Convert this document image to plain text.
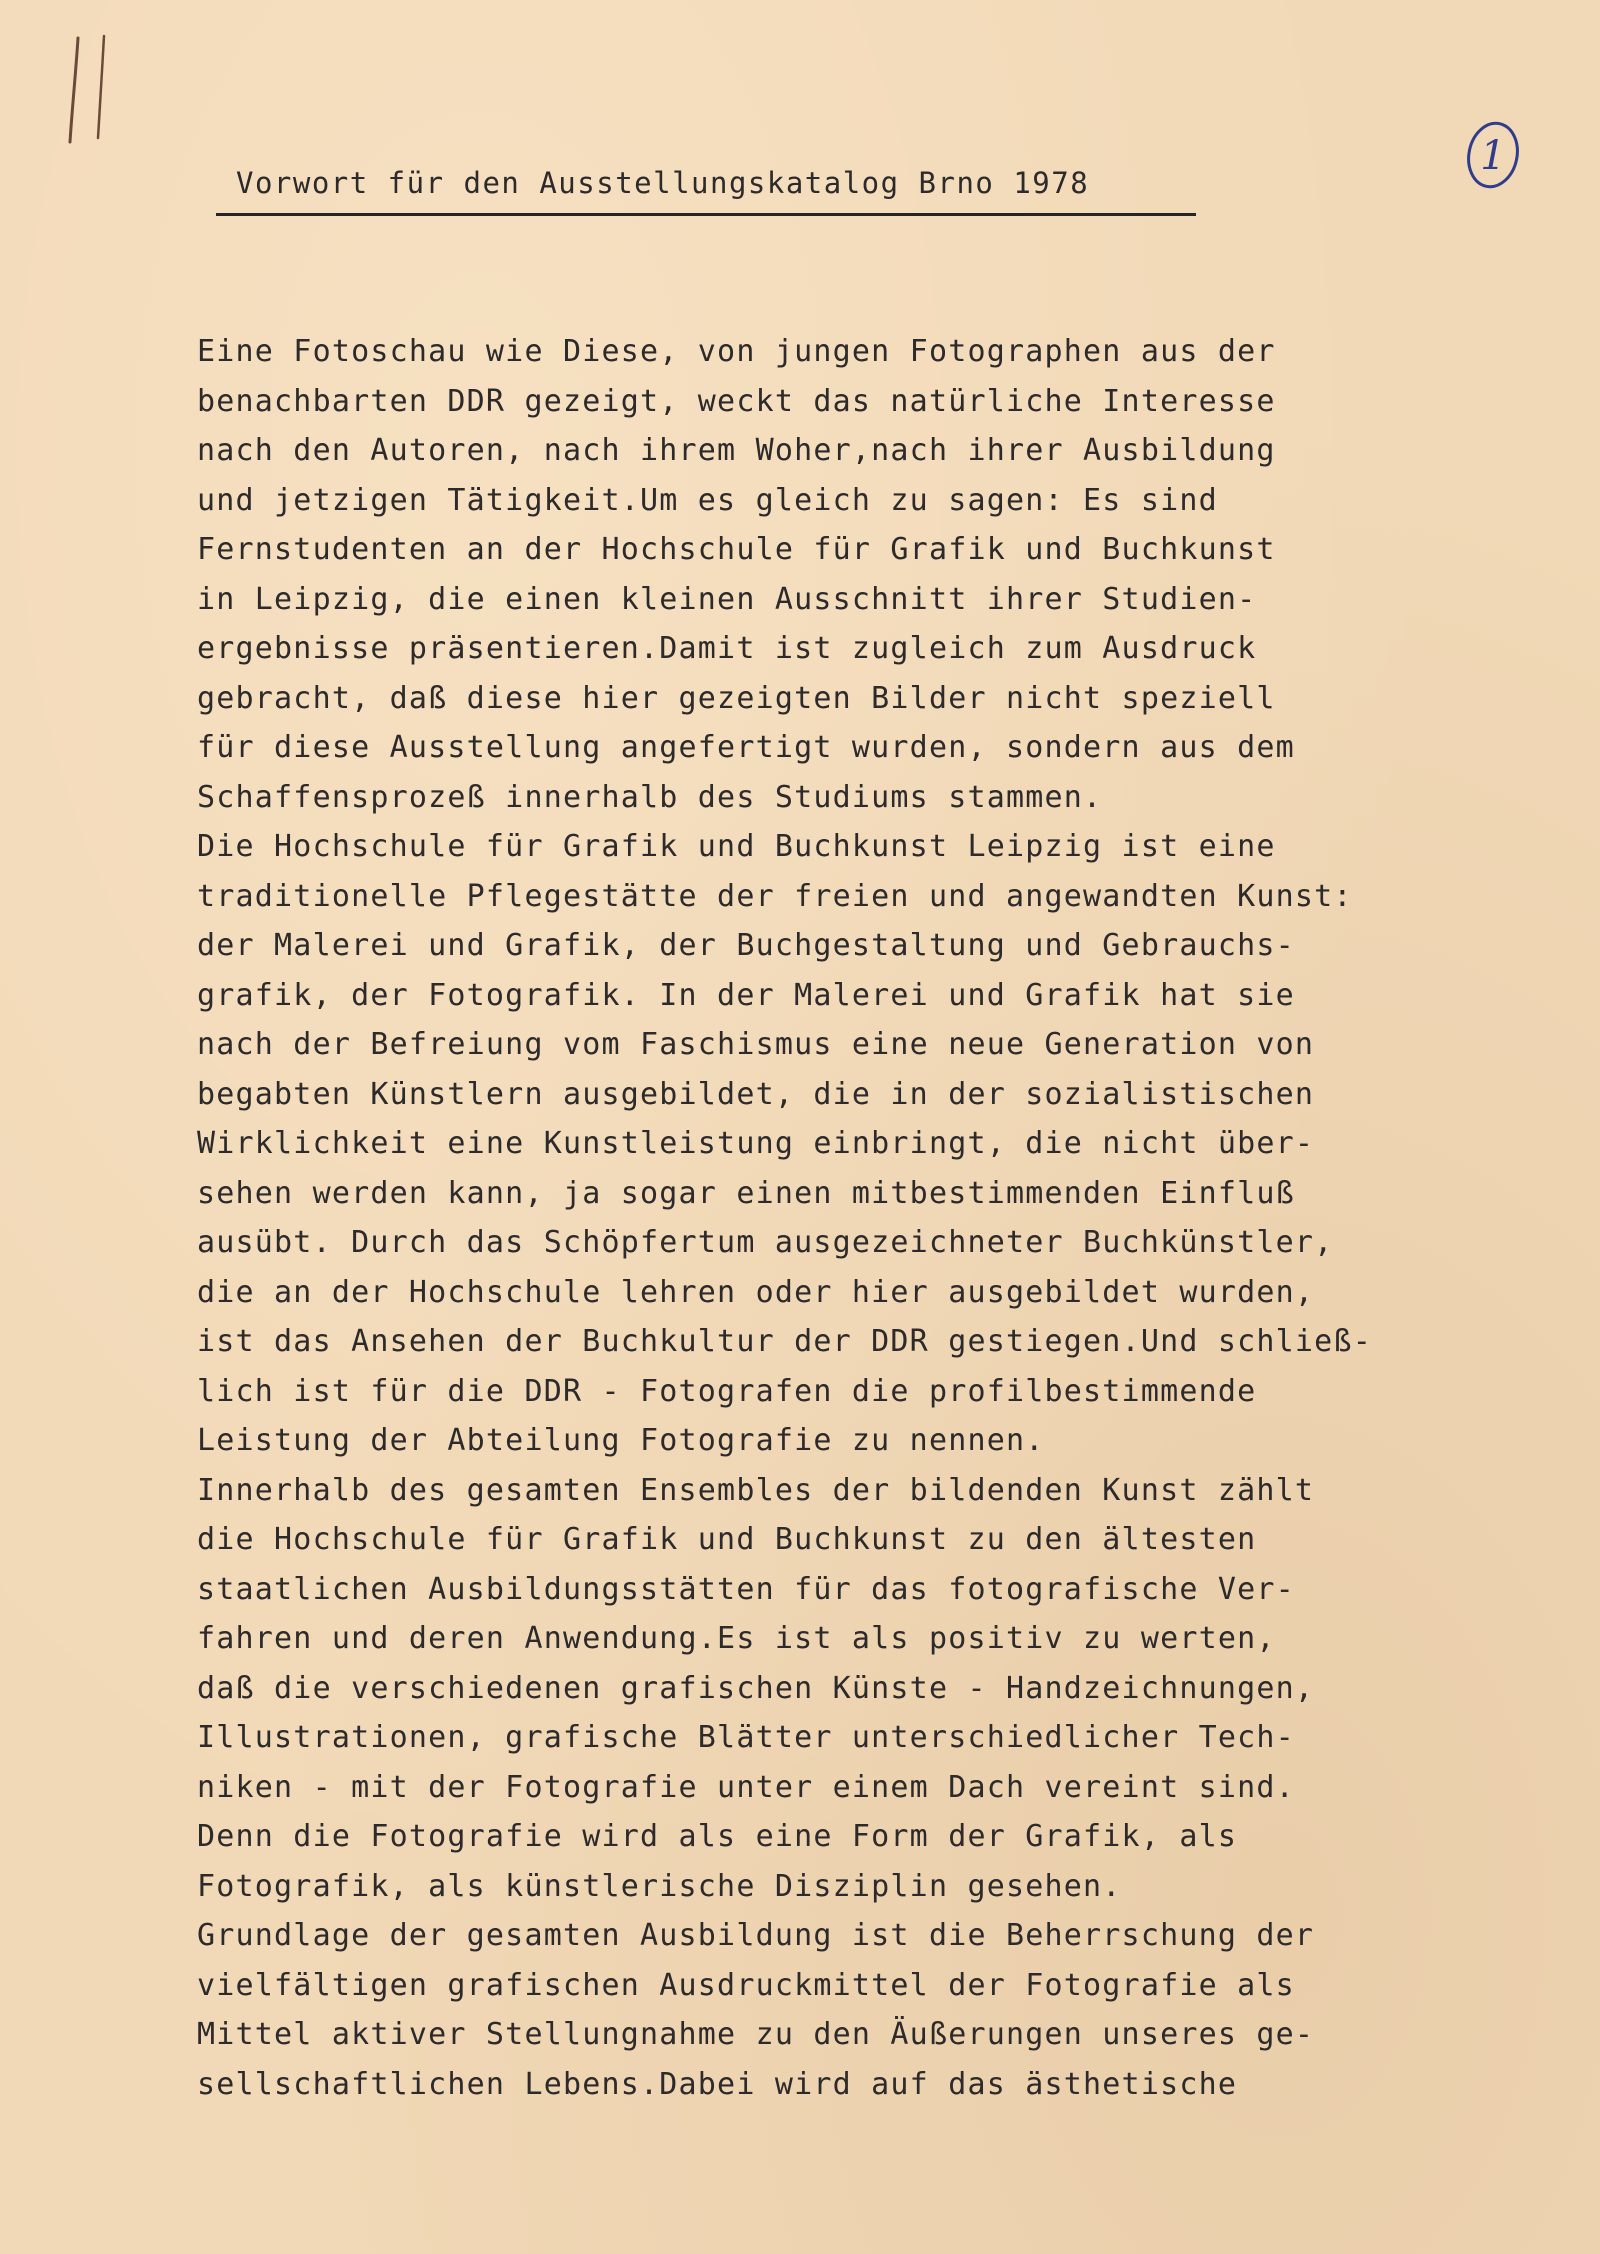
1
Vorwort für den Ausstellungskatalog Brno 1978
Eine Fotoschau wie Diese, von jungen Fotographen aus der
benachbarten DDR gezeigt, weckt das natürliche Interesse
nach den Autoren, nach ihrem Woher,nach ihrer Ausbildung
und jetzigen Tätigkeit.Um es gleich zu sagen: Es sind
Fernstudenten an der Hochschule für Grafik und Buchkunst
in Leipzig, die einen kleinen Ausschnitt ihrer Studien-
ergebnisse präsentieren.Damit ist zugleich zum Ausdruck
gebracht, daß diese hier gezeigten Bilder nicht speziell
für diese Ausstellung angefertigt wurden, sondern aus dem
Schaffensprozeß innerhalb des Studiums stammen.
Die Hochschule für Grafik und Buchkunst Leipzig ist eine
traditionelle Pflegestätte der freien und angewandten Kunst:
der Malerei und Grafik, der Buchgestaltung und Gebrauchs-
grafik, der Fotografik. In der Malerei und Grafik hat sie
nach der Befreiung vom Faschismus eine neue Generation von
begabten Künstlern ausgebildet, die in der sozialistischen
Wirklichkeit eine Kunstleistung einbringt, die nicht über-
sehen werden kann, ja sogar einen mitbestimmenden Einfluß
ausübt. Durch das Schöpfertum ausgezeichneter Buchkünstler,
die an der Hochschule lehren oder hier ausgebildet wurden,
ist das Ansehen der Buchkultur der DDR gestiegen.Und schließ-
lich ist für die DDR - Fotografen die profilbestimmende
Leistung der Abteilung Fotografie zu nennen.
Innerhalb des gesamten Ensembles der bildenden Kunst zählt
die Hochschule für Grafik und Buchkunst zu den ältesten
staatlichen Ausbildungsstätten für das fotografische Ver-
fahren und deren Anwendung.Es ist als positiv zu werten,
daß die verschiedenen grafischen Künste - Handzeichnungen,
Illustrationen, grafische Blätter unterschiedlicher Tech-
niken - mit der Fotografie unter einem Dach vereint sind.
Denn die Fotografie wird als eine Form der Grafik, als
Fotografik, als künstlerische Disziplin gesehen.
Grundlage der gesamten Ausbildung ist die Beherrschung der
vielfältigen grafischen Ausdruckmittel der Fotografie als
Mittel aktiver Stellungnahme zu den Äußerungen unseres ge-
sellschaftlichen Lebens.Dabei wird auf das ästhetische
